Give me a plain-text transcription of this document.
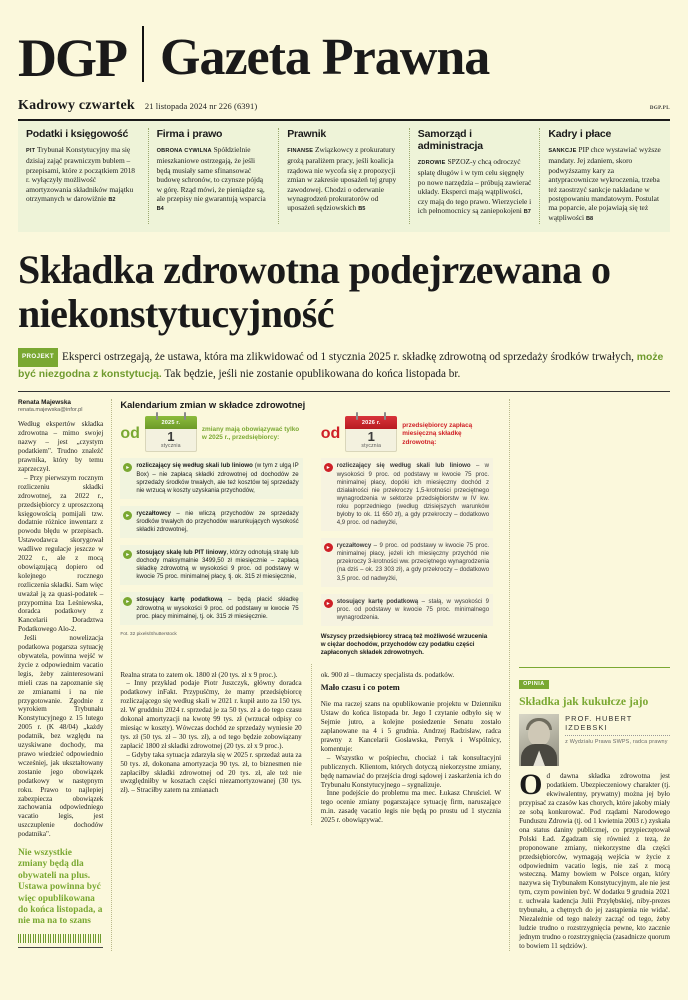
DGP Gazeta Prawna
Kadrowy czwartek 21 listopada 2024 nr 226 (6391)	DGP.PL
Podatki i księgowość

PIT Trybunał Konstytucyjny ma się dzisiaj zająć prawniczym bublem – przepisami, które z początkiem 2018 r. wyłączyły możliwość amortyzowania składników majątku otrzymanych w darowiźnie B2

Firma i prawo

OBRONA CYWILNA Spółdzielnie mieszkaniowe ostrzegają, że jeśli będą musiały same sfinansować budowę schronów, to czynsze pójdą w górę. Rząd mówi, że pieniądze są, ale przepisy nie gwarantują wsparcia B4

Prawnik

FINANSE Związkowcy z prokuratury grożą paraliżem pracy, jeśli koalicja rządowa nie wycofa się z propozycji zmian w zakresie uposażeń tej grupy zawodowej. Chodzi o oderwanie wynagrodzeń prokuratorów od uposażeń sędziowskich B5

Samorząd i administracja

ZDROWIE SPZOZ-y chcą odroczyć spłatę długów i w tym celu sięgnęły po nowe narzędzia – próbują zawierać układy. Eksperci mają wątpliwości, czy mają do tego prawo. Wierzyciele i ich pełnomocnicy są zaniepokojeni B7

Kadry i płace

SANKCJE PIP chce wystawiać wyższe mandaty. Jej zdaniem, skoro podwyższamy kary za antypracownicze wykroczenia, trzeba też zaostrzyć sankcje nakładane w postępowaniu mandatowym. Postulat ma poparcie, ale pojawiają się też wątpliwości B8

Składka zdrowotna podejrzewana o niekonstytucyjność
PROJEKT Eksperci ostrzegają, że ustawa, która ma zlikwidować od 1 stycznia 2025 r. składkę zdrowotną od sprzedaży środków trwałych, może być niezgodna z konstytucją. Tak będzie, jeśli nie zostanie opublikowana do końca listopada br.
Renata Majewska
renata.majewska@infor.pl

Według ekspertów składka zdrowotna – mimo swojej nazwy – jest „czystym podatkiem". Trudno znaleźć prawnika, który by temu zaprzeczył.

– Przy pierwszym rocznym rozliczeniu składki zdrowotnej, za 2022 r., przedsiębiorcy z uproszczoną księgowością pomijali tzw. dodatnie różnice inwentarz z powodu błędu w przepisach. Ustawodawca skorygował wadliwe regulacje jeszcze w 2022 r., ale z mocą obowiązującą dopiero od kolejnego rocznego rozliczenia składki. Sam więc uważał ją za quasi-podatek – przypomina Iza Leśniewska, doradca podatkowy z Kancelarii Doradztwa Podatkowego Alo-2.

Jeśli nowelizacja podatkowa pogarsza sytuację obywatela, powinna wejść w życie z odpowiednim vacatio legis, żeby zainteresowani mieli czas na zapoznanie się ze zmianami i na nie przygotowanie. Zgodnie z wyrokiem Trybunału Konstytucyjnego z 15 lutego 2005 r. (K 48/04) „każdy podatnik, bez względu na uzyskiwane dochody, ma prawo wiedzieć odpowiednio wcześniej, jak ukształtowany zostanie jego obowiązek podatkowy w następnym roku. Prawo to najlepiej zabezpiecza obowiązek zachowania odpowiedniego vacatio legis, jest uszczuplenie dochodów podatnika".

Nie wszystkie zmiany będą dla obywateli na plus. Ustawa powinna być więc opublikowana do końca listopada, a nie ma na to szans
Kalendarium zmian w składce zdrowotnej
od
2025 r.
1
stycznia
zmiany mają obowiązywać tylko w 2025 r., przedsiębiorcy:
▸	rozliczający się według skali lub liniowo (w tym z ulgą IP Box) – nie zapłacą składki zdrowotnej od dochodów ze sprzedaży środków trwałych, ale też kosztów tej sprzedaży nie wrzucą w koszty uzyskania przychodów,
▸	ryczałtowcy – nie wliczą przychodów ze sprzedaży środków trwałych do przychodów warunkujących wysokość składki zdrowotnej,
▸	stosujący skalę lub PIT liniowy, którzy odnotują stratę lub dochody maksymalnie 3499,50 zł miesięcznie – zapłacą składkę zdrowotną w wysokości 9 proc. od podstawy w kwocie 75 proc. minimalnej płacy, tj. ok. 315 zł miesięcznie,
▸	stosujący kartę podatkową – będą płacić składkę zdrowotną w wysokości 9 proc. od podstawy w kwocie 75 proc. płacy minimalnej, tj. ok. 315 zł miesięcznie.
Fot. 32 pixels/Shutterstock
od
2026 r.
1
stycznia
przedsiębiorcy zapłacą miesięczną składkę zdrowotną:
▸	rozliczający się według skali lub liniowo – w wysokości 9 proc. od podstawy w kwocie 75 proc. minimalnej płacy, dopóki ich miesięczny dochód z działalności nie przekroczy 1,5-krotności przeciętnego wynagrodzenia w sektorze przedsiębiorstw w IV kw. roku poprzedniego (według dzisiejszych warunków byłoby to ok. 11 650 zł), a gdy przekroczy – dodatkowo 4,9 proc. od nadwyżki,
▸	ryczałtowcy – 9 proc. od podstawy w kwocie 75 proc. minimalnej płacy, jeżeli ich miesięczny przychód nie przekroczy 3-krotności ww. przeciętnego wynagrodzenia (na dziś – ok. 23 303 zł), a gdy przekroczy – dodatkowo 3,5 proc. od nadwyżki,
▸	stosujący kartę podatkową – stałą, w wysokości 9 proc. od podstawy w kwocie 75 proc. minimalnego wynagrodzenia.
Wszyscy przedsiębiorcy stracą też możliwość wrzucenia w ciężar dochodów, przychodów czy podatku części zapłaconych składek zdrowotnych.

Realna strata to zatem ok. 1800 zł (20 tys. zł x 9 proc.).

– Inny przykład podaje Piotr Juszczyk, główny doradca podatkowy inFakt. Przypuśćmy, że mamy przedsiębiorcę rozliczającego się według skali w 2021 r. kupił auto za 150 tys. zł. W gruddniu 2024 r. sprzedaż je za 50 tys. zł a do tego czasu dokonał amortyzacji na kwotę 99 tys. zł (wrzucał odpisy co miesiąc w koszty). Wówczas dochód ze sprzedaży wyniesie 20 tys. zł (50 tys. zł – 30 tys. zł), a od tego będzie zobowiązany zapłacić 1800 zł składki zdrowotnej (20 tys. zł x 9 proc.).

– Gdyby taka sytuacja zdarzyła się w 2025 r. sprzedaż auta za 50 tys. zł, dokonana amortyzacja 90 tys. zł, to biznesmen nie zapłaciłby składki zdrowotnej od 20 tys. zł, ale też nie uwzględniłby w kosztach części niezamortyzowanej (30 tys. zł). – Straciłby zatem na zmianach

ok. 900 zł – tłumaczy specjalista ds. podatków.

Mało czasu i co potem

Nie ma raczej szans na opublikowanie projektu w Dzienniku Ustaw do końca listopada br. Jego I czytanie odbyło się w Sejmie jutro, a kolejne posiedzenie Senatu zostało zaplanowane na 4 i 5 grudnia. Andrzej Radzisław, radca prawny z Kancelarii Gosławska, Perryk i Wspólnicy, komentuje:

– Wszystko w pośpiechu, chociaż i tak konsultacyjni publicznych. Klientom, których dotyczą niekorzystne zmiany, będę namawiać do przejścia drogi sądowej i zaskarżenia ich do Trybunału Konstytucyjnego – sygnalizuje.

Inne podejście do problemu ma mec. Łukasz Chruściel. W tego ocenie zmiany pogarszające sytuację firm, naruszające m.in. zasadę vacatio legis nie będą po prostu ud 1 stycznia 2025 r. obowiązywać.

OPINIA
Składka jak kukułcze jajo
PROF. HUBERT IZDEBSKI
z Wydziału Prawa SWPS, radca prawny
Od dawna składka zdrowotna jest podatkiem. Ubezpieczeniowy charakter (tj. ekwiwalentny, prywatny) można jej było przypisać za czasów kas chorych, które jakoby miały ze sobą konkurować. Pod rządami Narodowego Funduszu Zdrowia (tj. od 1 kwietnia 2003 r.) zyskała ona status daniny publicznej, co przypieczętował Polski Ład. Zgadzam się również z tezą, że proponowane zmiany, niekorzystne dla części przedsiębiorców, wymagają wejścia w życie z odpowiednim vacatio legis, nie zaś z mocą wsteczną. Mamy bowiem w Polsce organ, który nazywa się Trybunałem Konstytucyjnym, ale nie jest tym, czym powinien być. W dodatku 9 grudnia 2021 r. uchwała kadencja Julii Przyłębskiej, niby-prezes trybunału, a chętnych do jej zastąpienia nie widać. Niezależnie od tego należy zacząć od tego, żeby ludzie trudno o rozstrzygnięcia pewne, kto zacznie jednym trudno o rozstrzygnięcia (zasadnicze quorum to bowiem 11 sędziów).
